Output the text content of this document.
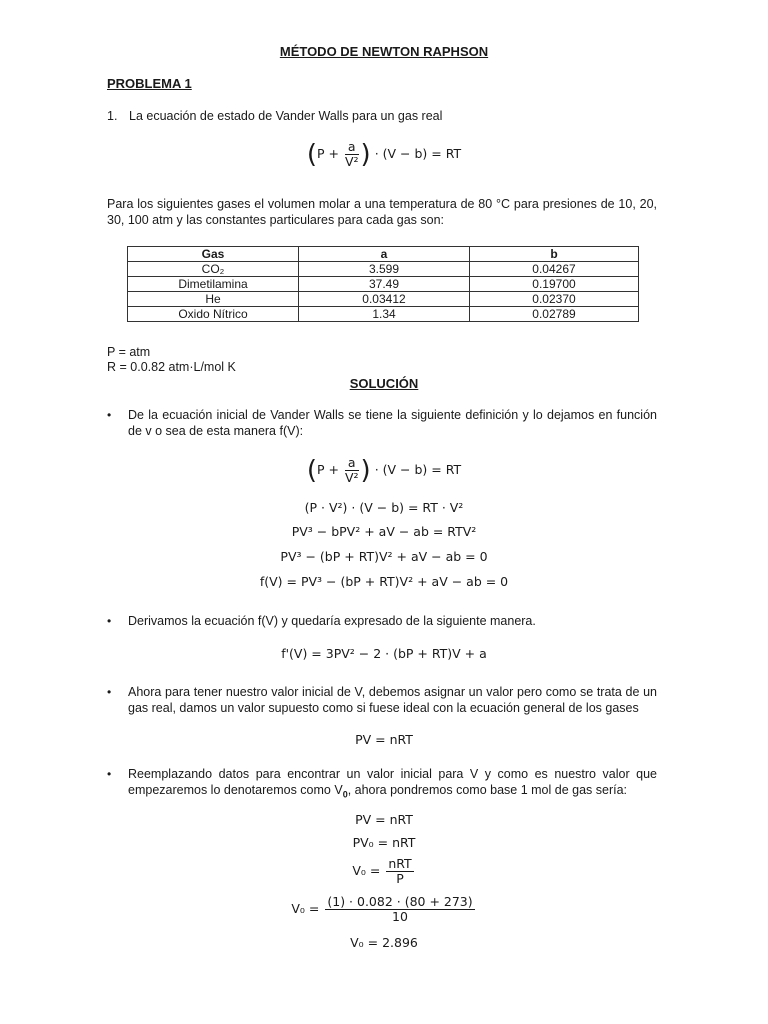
MÉTODO DE NEWTON RAPHSON
PROBLEMA 1
1. La ecuación de estado de Vander Walls para un gas real
($P + \frac{a}{\text{V²}}$ ) · (V − b) = RT
Para los siguientes gases el volumen molar a una temperatura de 80 °C para presiones de 10, 20, 30, 100 atm y las constantes particulares para cada gas son:
Gas	a	b
CO₂	3.599	0.04267
Dimetilamina	37.49	0.19700
He	0.03412	0.02370
Oxido Nítrico	1.34	0.02789
P = atm
R = 0.0.82 atm·L/mol K
SOLUCIÓN
• De la ecuación inicial de Vander Walls se tiene la siguiente definición y lo dejamos en función de v o sea de esta manera f(V):
($P + \frac{a}{\text{V²}}$ ) · (V − b) = RT
(P · V²) · (V − b) = RT · V²
PV³ − bPV² + aV − ab = RTV²
PV³ − (bP + RT)V² + aV − ab = 0
f(V) = PV³ − (bP + RT)V² + aV − ab = 0
• Derivamos la ecuación f(V) y quedaría expresado de la siguiente manera.
f'(V) = 3PV² − 2 · (bP + RT)V + a
• Ahora para tener nuestro valor inicial de V, debemos asignar un valor pero como se trata de un gas real, damos un valor supuesto como si fuese ideal con la ecuación general de los gases
PV = nRT
• Reemplazando datos para encontrar un valor inicial para V y como es nuestro valor que empezaremos lo denotaremos como $V_0$, ahora pondremos como base 1 mol de gas sería:
PV = nRT
PV₀ = nRT
$V_0 = \frac{\text{nRT}}{P}$
$V_0 = \frac{(1) \cdot 0.082 \cdot (80 + 273)}{10}$
V₀ = 2.896
